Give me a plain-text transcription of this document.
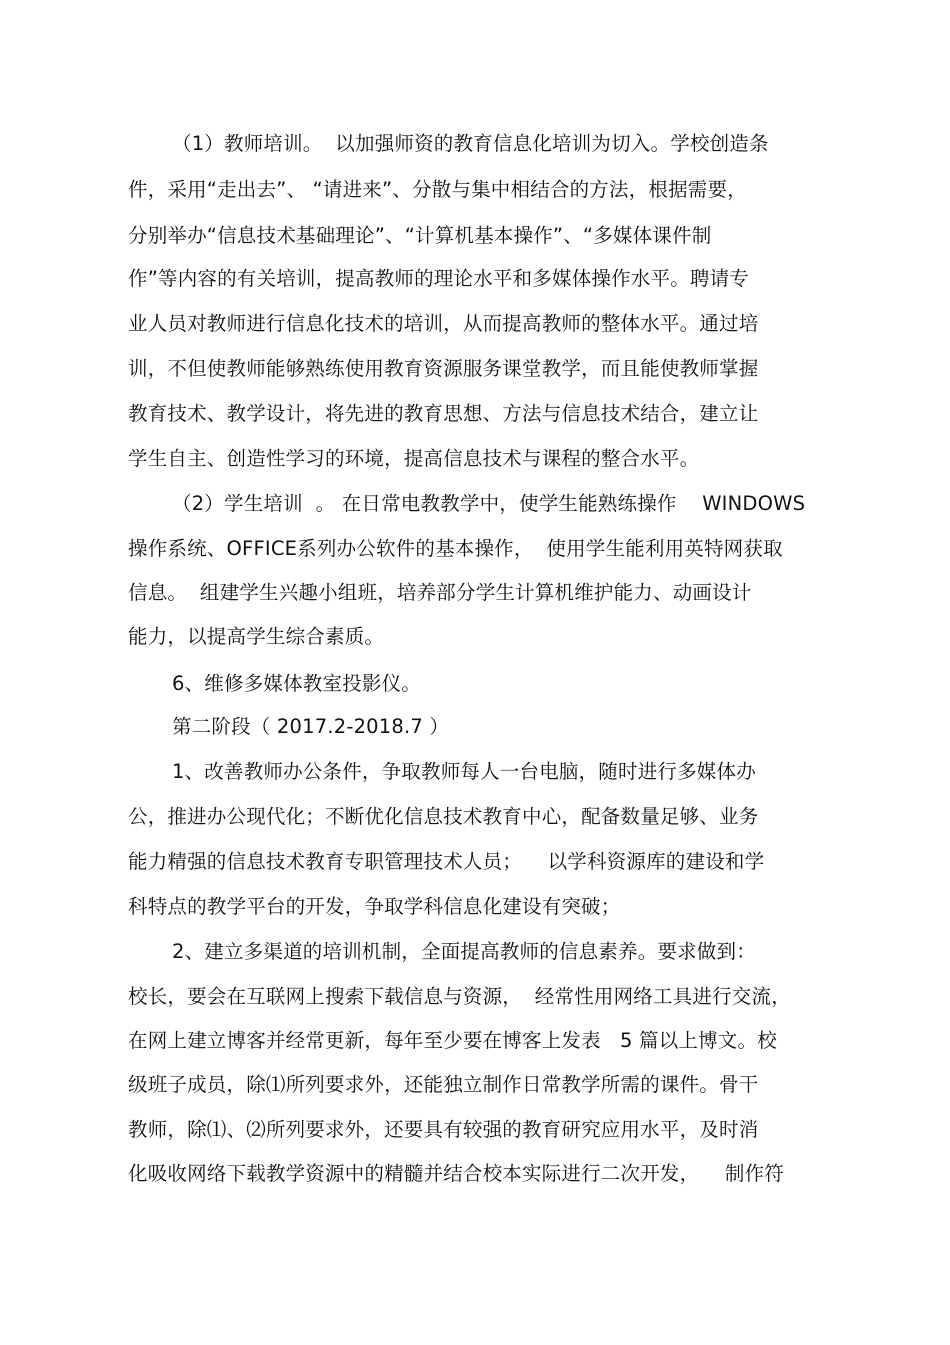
（1）教师培训。  以加强师资的教育信息化培训为切入。学校创造条
件，采用“走出去”、 “请进来”、分散与集中相结合的方法，根据需要，
分别举办“信息技术基础理论”、“计算机基本操作”、“多媒体课件制
作”等内容的有关培训，提高教师的理论水平和多媒体操作水平。聘请专
业人员对教师进行信息化技术的培训，从而提高教师的整体水平。通过培
训，不但使教师能够熟练使用教育资源服务课堂教学，而且能使教师掌握
教育技术、教学设计，将先进的教育思想、方法与信息技术结合，建立让
学生自主、创造性学习的环境，提高信息技术与课程的整合水平。
（2）学生培训  。 在日常电教教学中，使学生能熟练操作    WINDOWS
操作系统、OFFICE系列办公软件的基本操作，  使用学生能利用英特网获取
信息。  组建学生兴趣小组班，培养部分学生计算机维护能力、动画设计
能力，以提高学生综合素质。
6、维修多媒体教室投影仪。
第二阶段（ 2017.2-2018.7 ）
1、改善教师办公条件，争取教师每人一台电脑，随时进行多媒体办
公，推进办公现代化；不断优化信息技术教育中心，配备数量足够、业务
能力精强的信息技术教育专职管理技术人员；    以学科资源库的建设和学
科特点的教学平台的开发，争取学科信息化建设有突破；
2、建立多渠道的培训机制，全面提高教师的信息素养。要求做到：
校长，要会在互联网上搜索下载信息与资源，  经常性用网络工具进行交流，
在网上建立博客并经常更新，每年至少要在博客上发表   5 篇以上博文。校
级班子成员，除⑴所列要求外，还能独立制作日常教学所需的课件。骨干
教师，除⑴、⑵所列要求外，还要具有较强的教育研究应用水平，及时消
化吸收网络下载教学资源中的精髓并结合校本实际进行二次开发，    制作符
